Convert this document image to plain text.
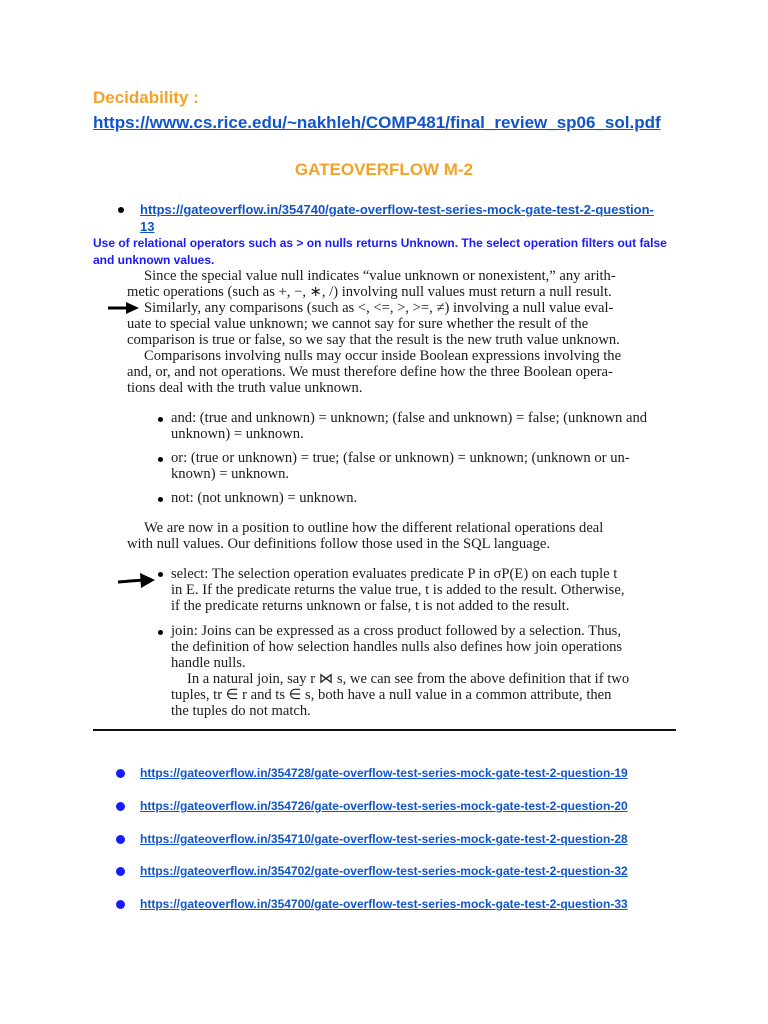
Decidability :
https://www.cs.rice.edu/~nakhleh/COMP481/final_review_sp06_sol.pdf
GATEOVERFLOW M-2
https://gateoverflow.in/354740/gate-overflow-test-series-mock-gate-test-2-question-13
Use of relational operators such as > on nulls returns Unknown. The select operation filters out false and unknown values.
Since the special value null indicates “value unknown or nonexistent,” any arith-
metic operations (such as +, −, ∗, /) involving null values must return a null result.
Similarly, any comparisons (such as <, <=, >, >=, ≠) involving a null value eval-
uate to special value unknown; we cannot say for sure whether the result of the
comparison is true or false, so we say that the result is the new truth value unknown.
Comparisons involving nulls may occur inside Boolean expressions involving the
and, or, and not operations. We must therefore define how the three Boolean opera-
tions deal with the truth value unknown.
and: (true and unknown) = unknown; (false and unknown) = false; (unknown and
unknown) = unknown.
or: (true or unknown) = true; (false or unknown) = unknown; (unknown or un-
known) = unknown.
not: (not unknown) = unknown.
We are now in a position to outline how the different relational operations deal
with null values. Our definitions follow those used in the SQL language.
select: The selection operation evaluates predicate P in σP(E) on each tuple t
in E. If the predicate returns the value true, t is added to the result. Otherwise,
if the predicate returns unknown or false, t is not added to the result.
join: Joins can be expressed as a cross product followed by a selection. Thus,
the definition of how selection handles nulls also defines how join operations
handle nulls.
In a natural join, say r ⋈ s, we can see from the above definition that if two
tuples, tr ∈ r and ts ∈ s, both have a null value in a common attribute, then
the tuples do not match.
https://gateoverflow.in/354728/gate-overflow-test-series-mock-gate-test-2-question-19
https://gateoverflow.in/354726/gate-overflow-test-series-mock-gate-test-2-question-20
https://gateoverflow.in/354710/gate-overflow-test-series-mock-gate-test-2-question-28
https://gateoverflow.in/354702/gate-overflow-test-series-mock-gate-test-2-question-32
https://gateoverflow.in/354700/gate-overflow-test-series-mock-gate-test-2-question-33
